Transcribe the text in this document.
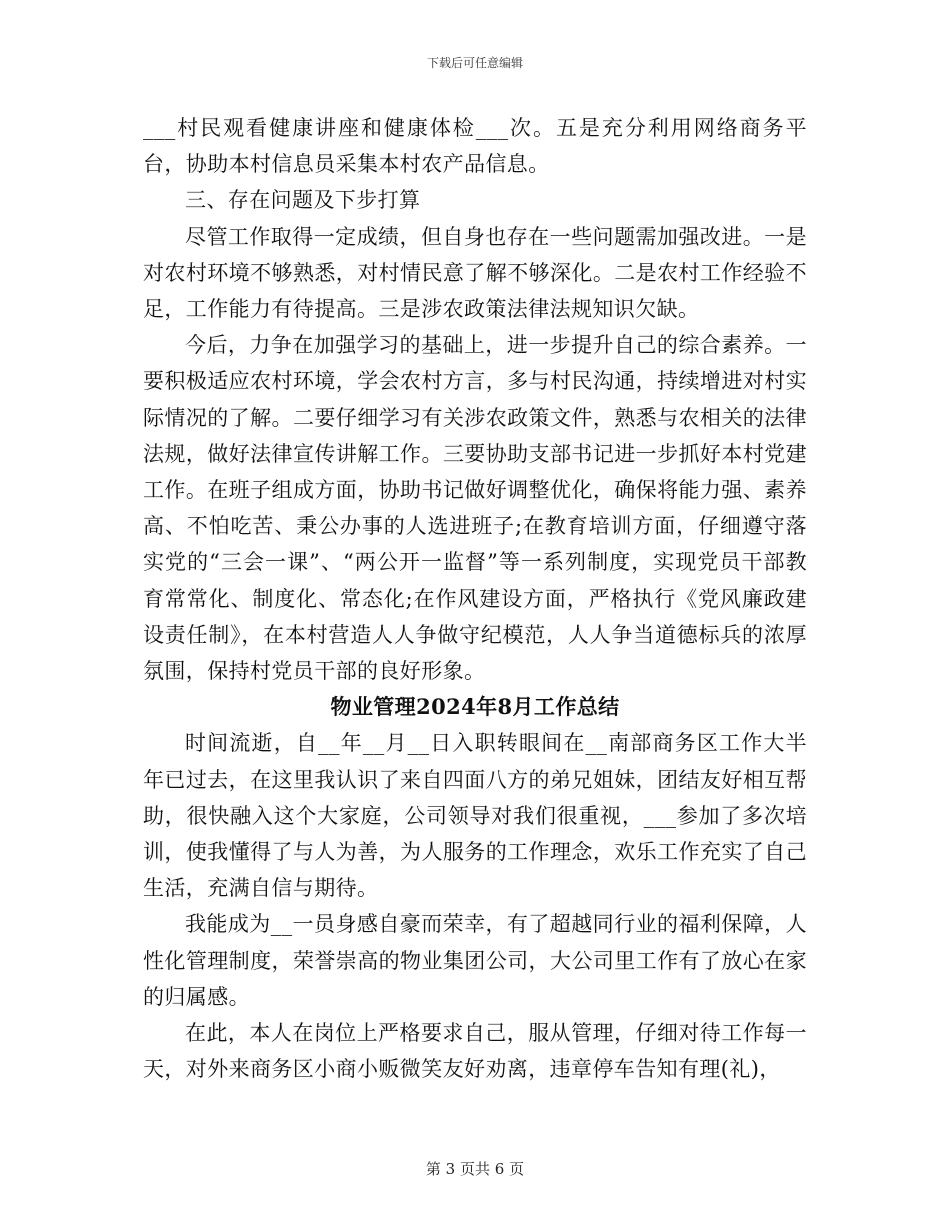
下载后可任意编辑

___村民观看健康讲座和健康体检___次。五是充分利用网络商务平台，协助本村信息员采集本村农产品信息。

三、存在问题及下步打算

尽管工作取得一定成绩，但自身也存在一些问题需加强改进。一是对农村环境不够熟悉，对村情民意了解不够深化。二是农村工作经验不足，工作能力有待提高。三是涉农政策法律法规知识欠缺。

今后，力争在加强学习的基础上，进一步提升自己的综合素养。一要积极适应农村环境，学会农村方言，多与村民沟通，持续增进对村实际情况的了解。二要仔细学习有关涉农政策文件，熟悉与农相关的法律法规，做好法律宣传讲解工作。三要协助支部书记进一步抓好本村党建工作。在班子组成方面，协助书记做好调整优化，确保将能力强、素养高、不怕吃苦、秉公办事的人选进班子;在教育培训方面，仔细遵守落实党的“三会一课”、“两公开一监督”等一系列制度，实现党员干部教育常常化、制度化、常态化;在作风建设方面，严格执行《党风廉政建设责任制》，在本村营造人人争做守纪模范，人人争当道德标兵的浓厚氛围，保持村党员干部的良好形象。

物业管理2024年8月工作总结

时间流逝，自__年__月__日入职转眼间在__南部商务区工作大半年已过去，在这里我认识了来自四面八方的弟兄姐妹，团结友好相互帮助，很快融入这个大家庭，公司领导对我们很重视，___参加了多次培训，使我懂得了与人为善，为人服务的工作理念，欢乐工作充实了自己生活，充满自信与期待。

我能成为__一员身感自豪而荣幸，有了超越同行业的福利保障，人性化管理制度，荣誉崇高的物业集团公司，大公司里工作有了放心在家的归属感。

在此，本人在岗位上严格要求自己，服从管理，仔细对待工作每一天，对外来商务区小商小贩微笑友好劝离，违章停车告知有理(礼)，

第 3 页共 6 页
